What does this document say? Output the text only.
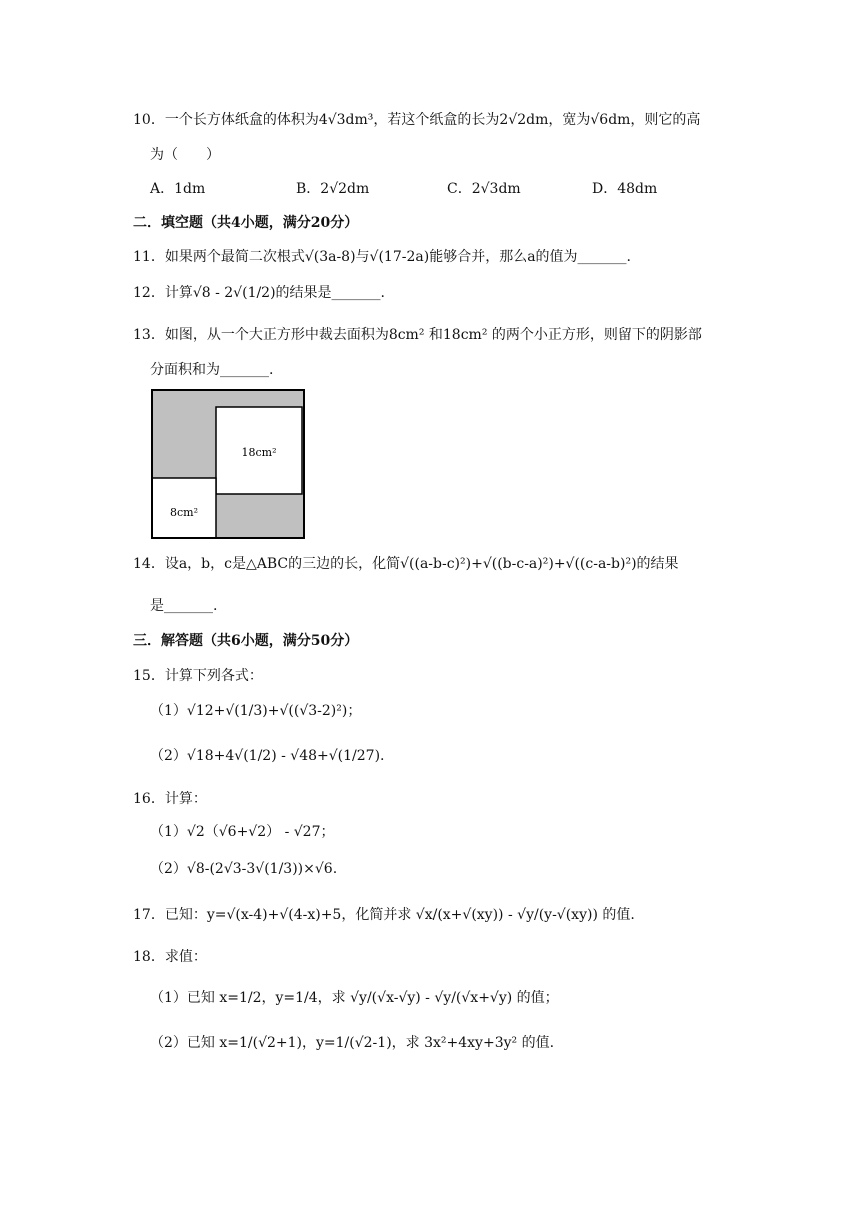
10．一个长方体纸盒的体积为4√3dm³，若这个纸盒的长为2√2dm，宽为√6dm，则它的高
为（　　）
A．1dm	B．2√2dm	C．2√3dm	D．48dm
二．填空题（共4小题，满分20分）
11．如果两个最简二次根式√(3a-8)与√(17-2a)能够合并，那么a的值为_______.
12．计算√8 - 2√(1/2)的结果是_______.
13．如图，从一个大正方形中裁去面积为8cm² 和18cm² 的两个小正方形，则留下的阴影部
分面积和为_______.
18cm²
8cm²
14．设a，b，c是△ABC的三边的长，化简√((a-b-c)²)+√((b-c-a)²)+√((c-a-b)²)的结果
是_______.
三．解答题（共6小题，满分50分）
15．计算下列各式：
（1）√12+√(1/3)+√((√3-2)²)；
（2）√18+4√(1/2) - √48+√(1/27).
16．计算：
（1）√2（√6+√2） - √27；
（2）√8-(2√3-3√(1/3))×√6.
17．已知：y=√(x-4)+√(4-x)+5，化简并求 √x/(x+√(xy)) - √y/(y-√(xy)) 的值.
18．求值：
（1）已知 x=1/2，y=1/4，求 √y/(√x-√y) - √y/(√x+√y) 的值；
（2）已知 x=1/(√2+1)，y=1/(√2-1)，求 3x²+4xy+3y² 的值.
